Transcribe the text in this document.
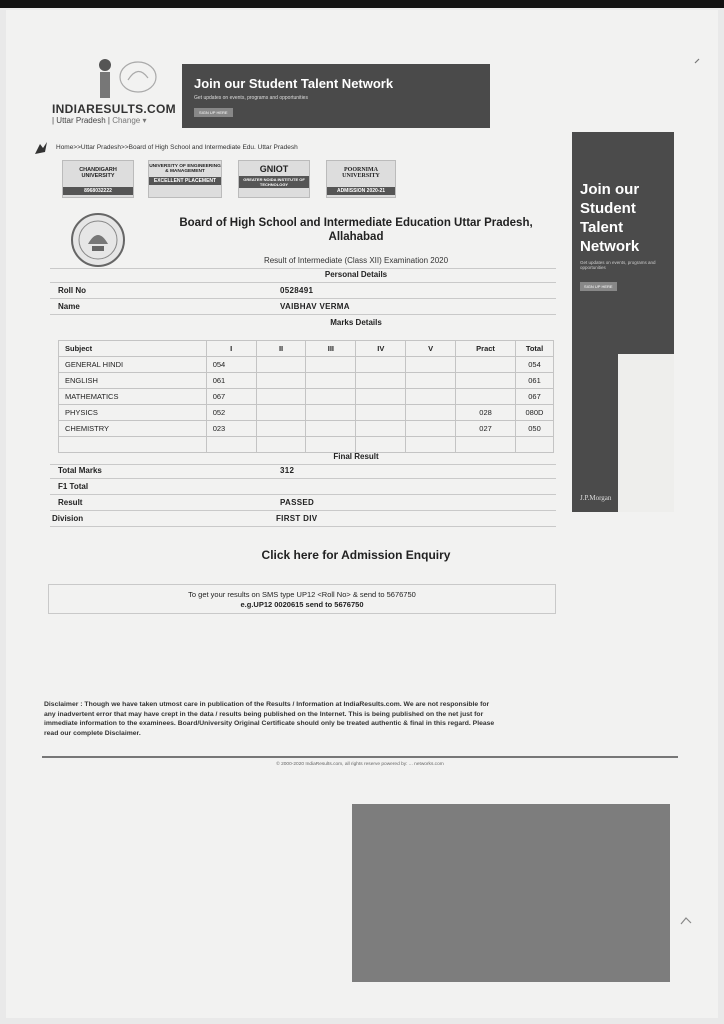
INDIARESULTS.COM
| Uttar Pradesh | Change ▾
Join our Student Talent Network
Get updates on events, programs and opportunities
SIGN UP HERE
Home>>Uttar Pradesh>>Board of High School and Intermediate Edu. Uttar Pradesh
CHANDIGARH UNIVERSITY
8968032222
UNIVERSITY OF ENGINEERING & MANAGEMENT
EXCELLENT PLACEMENT
GNIOT
GREATER NOIDA INSTITUTE OF TECHNOLOGY
POORNIMA UNIVERSITY
ADMISSION 2020-21
Board of High School and Intermediate Education Uttar Pradesh, Allahabad
Result of Intermediate (Class XII) Examination 2020
Personal Details
Roll No	0528491
Name	VAIBHAV VERMA
Marks Details
Subject	I	II	III	IV	V	Pract	Total
GENERAL HINDI	054						054
ENGLISH	061						061
MATHEMATICS	067						067
PHYSICS	052					028	080D
CHEMISTRY	023					027	050

Final Result
Total Marks	312
F1 Total
Result	PASSED
Division	FIRST DIV
Click here for Admission Enquiry
To get your results on SMS type UP12 <Roll No> & send to 5676750
e.g.UP12 0020615 send to 5676750
Disclaimer : Though we have taken utmost care in publication of the Results / Information at IndiaResults.com. We are not responsible for any inadvertent error that may have crept in the data / results being published on the Internet. This is being published on the net just for immediate information to the examinees. Board/University Original Certificate should only be treated authentic & final in this regard. Please read our complete Disclaimer.
© 2000-2020 IndiaResults.com, all rights reserve powered by: ... networks.com
Join our Student Talent Network
Get updates on events, programs and opportunities
SIGN UP HERE
J.P.Morgan
